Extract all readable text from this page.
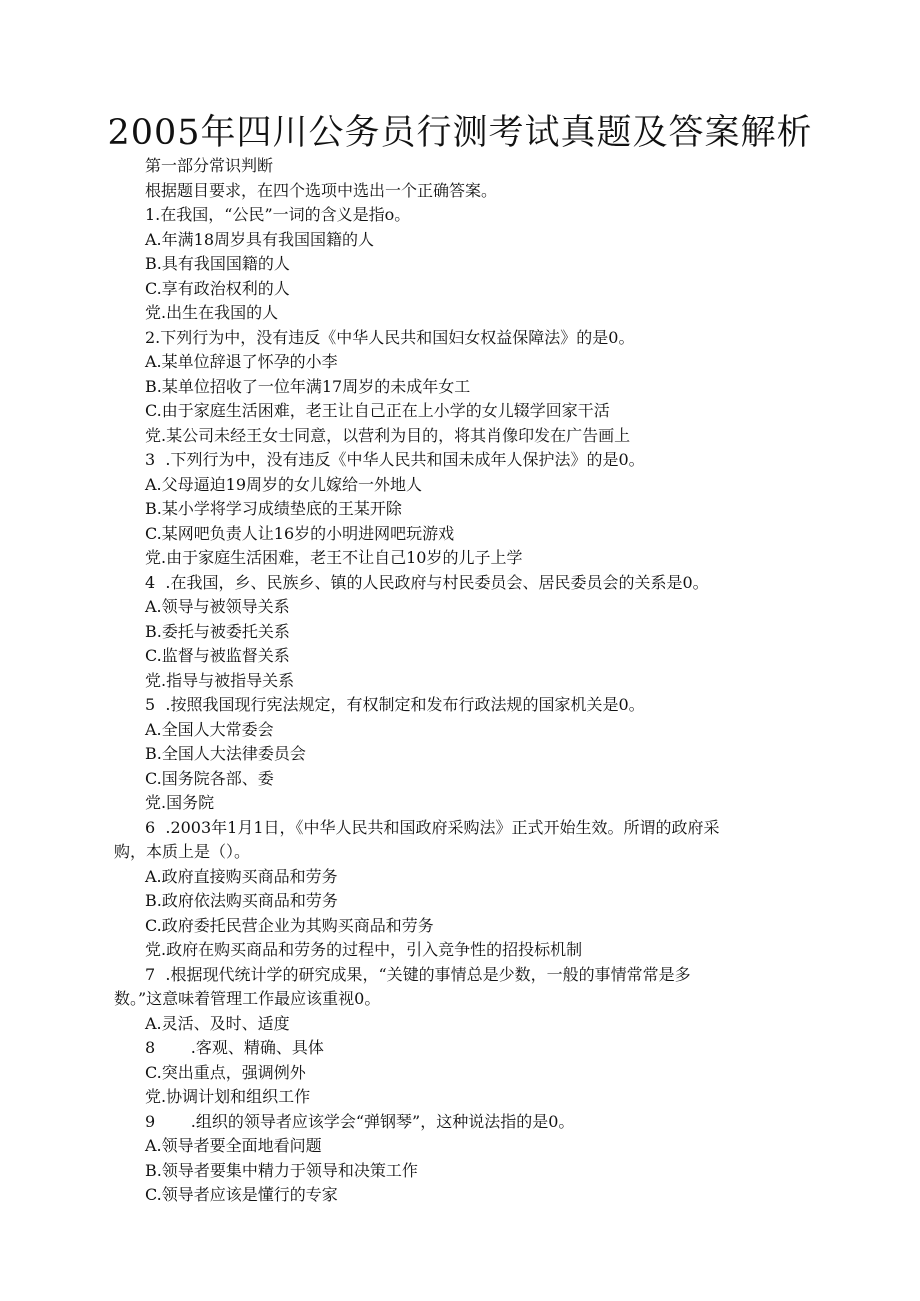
2005年四川公务员行测考试真题及答案解析
第一部分常识判断
根据题目要求，在四个选项中选出一个正确答案。
1.在我国，“公民”一词的含义是指o。
A.年满18周岁具有我国国籍的人
B.具有我国国籍的人
C.享有政治权利的人
党.出生在我国的人
2.下列行为中，没有违反《中华人民共和国妇女权益保障法》的是0。
A.某单位辞退了怀孕的小李
B.某单位招收了一位年满17周岁的未成年女工
C.由于家庭生活困难，老王让自己正在上小学的女儿辍学回家干活
党.某公司未经王女士同意，以营利为目的，将其肖像印发在广告画上
3  .下列行为中，没有违反《中华人民共和国未成年人保护法》的是0。
A.父母逼迫19周岁的女儿嫁给一外地人
B.某小学将学习成绩垫底的王某开除
C.某网吧负责人让16岁的小明进网吧玩游戏
党.由于家庭生活困难，老王不让自己10岁的儿子上学
4  .在我国，乡、民族乡、镇的人民政府与村民委员会、居民委员会的关系是0。
A.领导与被领导关系
B.委托与被委托关系
C.监督与被监督关系
党.指导与被指导关系
5  .按照我国现行宪法规定，有权制定和发布行政法规的国家机关是0。
A.全国人大常委会
B.全国人大法律委员会
C.国务院各部、委
党.国务院
6  .2003年1月1日，《中华人民共和国政府采购法》正式开始生效。所谓的政府采
购，本质上是（）。
A.政府直接购买商品和劳务
B.政府依法购买商品和劳务
C.政府委托民营企业为其购买商品和劳务
党.政府在购买商品和劳务的过程中，引入竞争性的招投标机制
7  .根据现代统计学的研究成果，“关键的事情总是少数，一般的事情常常是多
数。”这意味着管理工作最应该重视0。
A.灵活、及时、适度
8       .客观、精确、具体
C.突出重点，强调例外
党.协调计划和组织工作
9       .组织的领导者应该学会“弹钢琴”，这种说法指的是0。
A.领导者要全面地看问题
B.领导者要集中精力于领导和决策工作
C.领导者应该是懂行的专家
